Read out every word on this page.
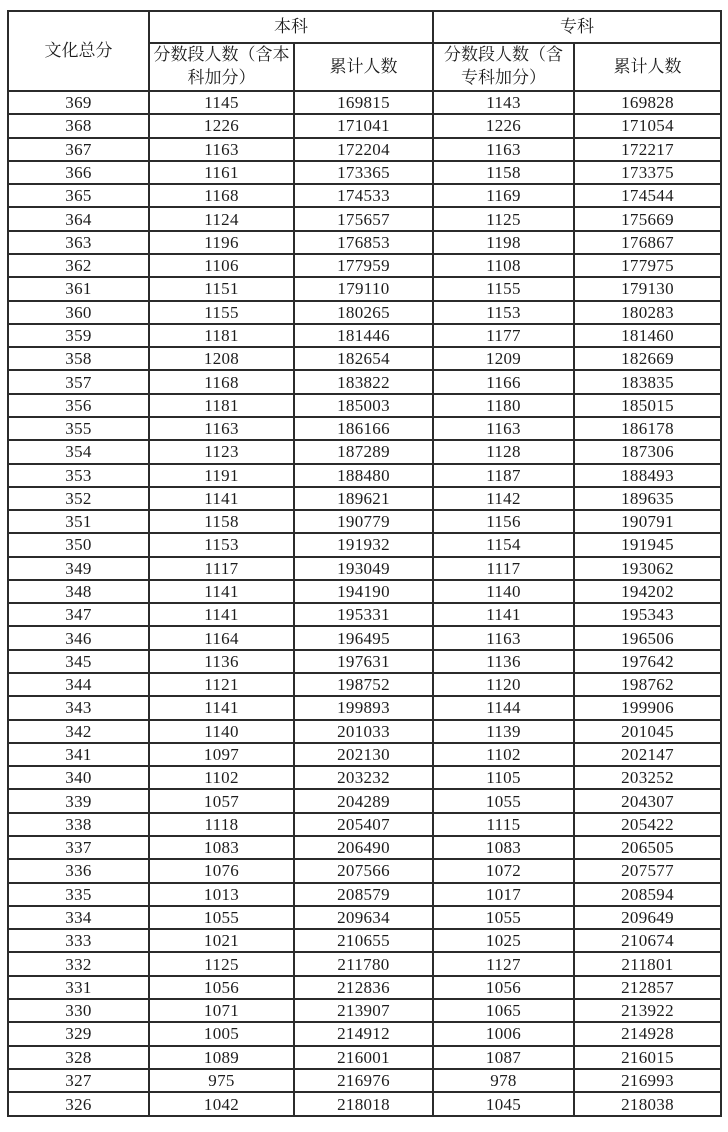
文化总分	本科		专科	
	分数段人数（含本科加分）	累计人数	分数段人数（含专科加分）	累计人数
369	1145	169815	1143	169828
368	1226	171041	1226	171054
367	1163	172204	1163	172217
366	1161	173365	1158	173375
365	1168	174533	1169	174544
364	1124	175657	1125	175669
363	1196	176853	1198	176867
362	1106	177959	1108	177975
361	1151	179110	1155	179130
360	1155	180265	1153	180283
359	1181	181446	1177	181460
358	1208	182654	1209	182669
357	1168	183822	1166	183835
356	1181	185003	1180	185015
355	1163	186166	1163	186178
354	1123	187289	1128	187306
353	1191	188480	1187	188493
352	1141	189621	1142	189635
351	1158	190779	1156	190791
350	1153	191932	1154	191945
349	1117	193049	1117	193062
348	1141	194190	1140	194202
347	1141	195331	1141	195343
346	1164	196495	1163	196506
345	1136	197631	1136	197642
344	1121	198752	1120	198762
343	1141	199893	1144	199906
342	1140	201033	1139	201045
341	1097	202130	1102	202147
340	1102	203232	1105	203252
339	1057	204289	1055	204307
338	1118	205407	1115	205422
337	1083	206490	1083	206505
336	1076	207566	1072	207577
335	1013	208579	1017	208594
334	1055	209634	1055	209649
333	1021	210655	1025	210674
332	1125	211780	1127	211801
331	1056	212836	1056	212857
330	1071	213907	1065	213922
329	1005	214912	1006	214928
328	1089	216001	1087	216015
327	975	216976	978	216993
326	1042	218018	1045	218038
